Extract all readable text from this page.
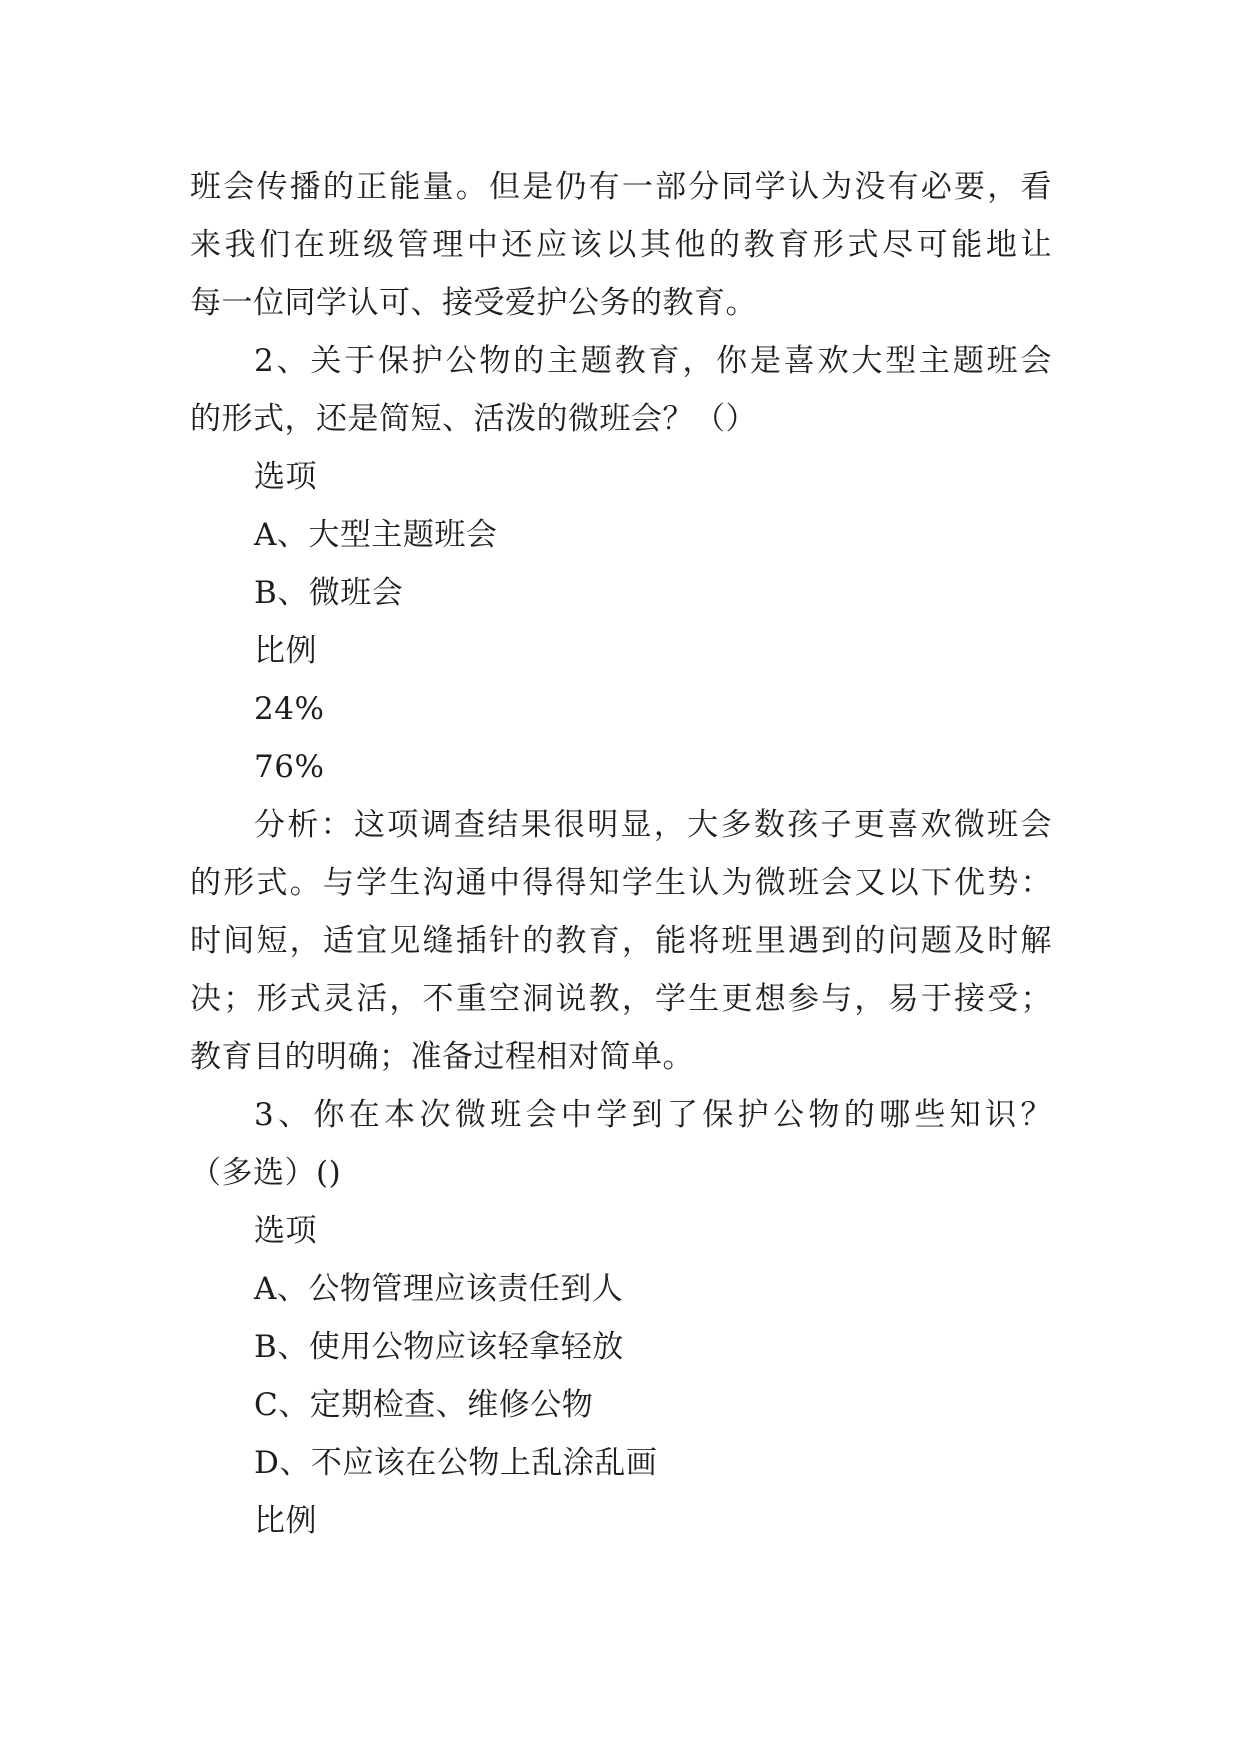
班会传播的正能量。但是仍有一部分同学认为没有必要，看
来我们在班级管理中还应该以其他的教育形式尽可能地让
每一位同学认可、接受爱护公务的教育。
2、关于保护公物的主题教育，你是喜欢大型主题班会
的形式，还是简短、活泼的微班会？（）
选项
A、大型主题班会
B、微班会
比例
24%
76%
分析：这项调查结果很明显，大多数孩子更喜欢微班会
的形式。与学生沟通中得得知学生认为微班会又以下优势：
时间短，适宜见缝插针的教育，能将班里遇到的问题及时解
决；形式灵活，不重空洞说教，学生更想参与，易于接受；
教育目的明确；准备过程相对简单。
3、你在本次微班会中学到了保护公物的哪些知识？
（多选）()
选项
A、公物管理应该责任到人
B、使用公物应该轻拿轻放
C、定期检查、维修公物
D、不应该在公物上乱涂乱画
比例
